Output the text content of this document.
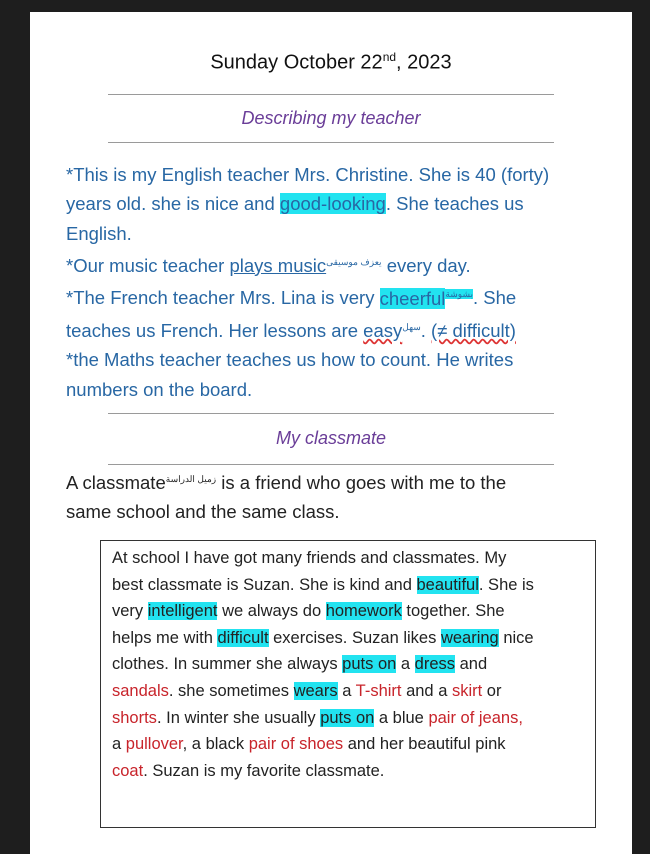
Sunday October 22nd, 2023
Describing my teacher
*This is my English teacher Mrs. Christine. She is 40 (forty)
years old. she is nice and good-looking. She teaches us
English.
*Our music teacher plays music$^{يعزف موسيقى}$ every day.
*The French teacher Mrs. Lina is very cheerful$^{بشوشة}$. She
teaches us French. Her lessons are easy$^{سهل}$. (≠ difficult)
*the Maths teacher teaches us how to count. He writes
numbers on the board.
My classmate
A classmate$^{زميل الدراسة}$ is a friend who goes with me to the
same school and the same class.
At school I have got many friends and classmates. My
best classmate is Suzan. She is kind and beautiful. She is
very intelligent we always do homework together. She
helps me with difficult exercises. Suzan likes wearing nice
clothes. In summer she always puts on a dress and
sandals. she sometimes wears a T-shirt and a skirt or
shorts. In winter she usually puts on a blue pair of jeans,
a pullover, a black pair of shoes and her beautiful pink
coat. Suzan is my favorite classmate.
